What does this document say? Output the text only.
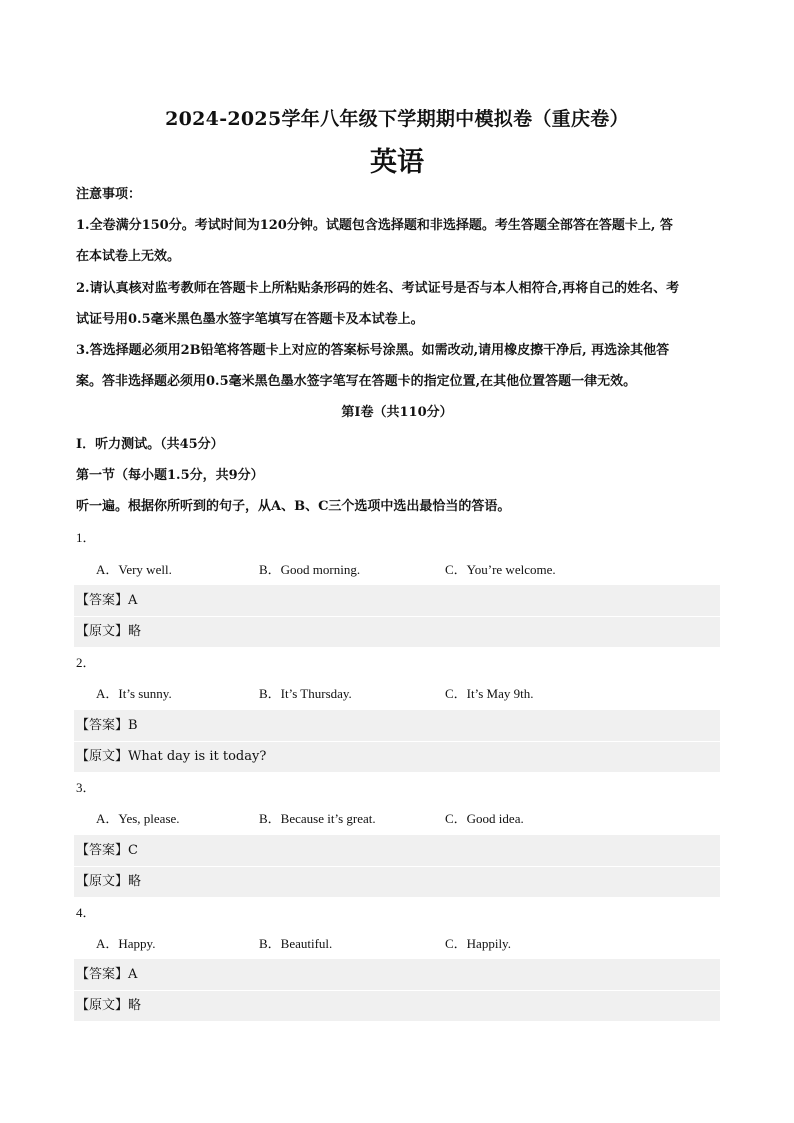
2024-2025学年八年级下学期期中模拟卷（重庆卷）
英语
注意事项：
1.全卷满分150分。考试时间为120分钟。试题包含选择题和非选择题。考生答题全部答在答题卡上, 答
在本试卷上无效。
2.请认真核对监考教师在答题卡上所粘贴条形码的姓名、考试证号是否与本人相符合,再将自己的姓名、考
试证号用0.5毫米黑色墨水签字笔填写在答题卡及本试卷上。
3.答选择题必须用2B铅笔将答题卡上对应的答案标号涂黑。如需改动,请用橡皮擦干净后, 再选涂其他答
案。答非选择题必须用0.5毫米黑色墨水签字笔写在答题卡的指定位置,在其他位置答题一律无效。
第Ⅰ卷（共110分）
Ⅰ．听力测试。（共45分）
第一节（每小题1.5分，共9分）
听一遍。根据你所听到的句子，从A、B、C三个选项中选出最恰当的答语。
1．
A．Very well.	B．Good morning.	C．You’re welcome.
【答案】A
【原文】略
2．
A．It’s sunny.	B．It’s Thursday.	C．It’s May 9th.
【答案】B
【原文】What day is it today?
3．
A．Yes, please.	B．Because it’s great.	C．Good idea.
【答案】C
【原文】略
4．
A．Happy.	B．Beautiful.	C．Happily.
【答案】A
【原文】略
